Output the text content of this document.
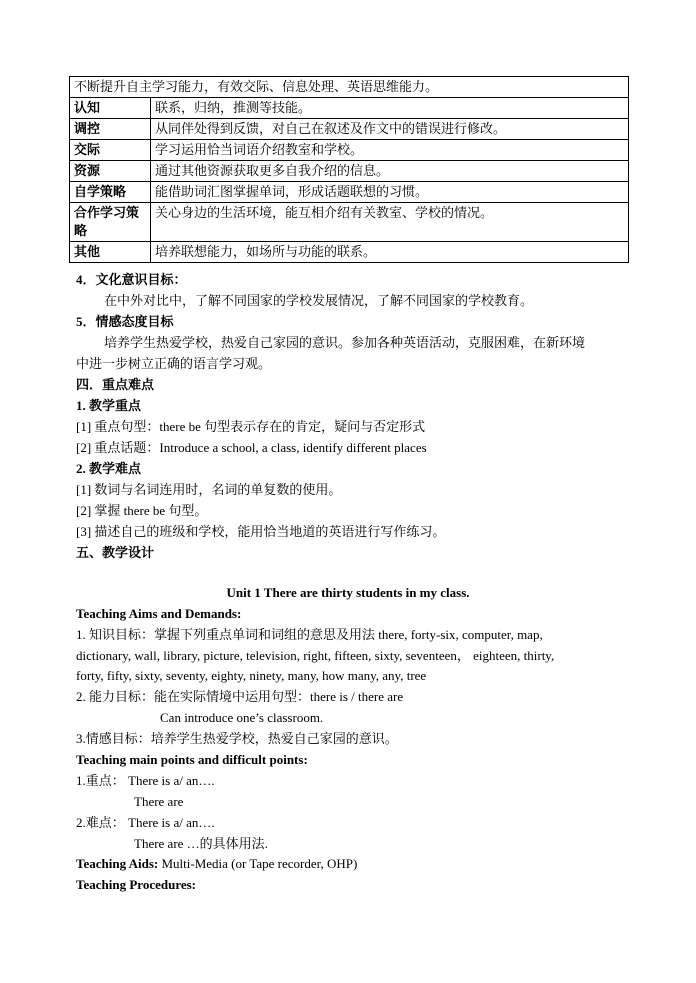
不断提升自主学习能力，有效交际、信息处理、英语思维能力。	
认知	联系，归纳，推测等技能。
调控	从同伴处得到反馈，对自己在叙述及作文中的错误进行修改。
交际	学习运用恰当词语介绍教室和学校。
资源	通过其他资源获取更多自我介绍的信息。
自学策略	能借助词汇图掌握单词，形成话题联想的习惯。
合作学习策略	关心身边的生活环境，能互相介绍有关教室、学校的情况。
其他	培养联想能力，如场所与功能的联系。
4．文化意识目标：
在中外对比中，了解不同国家的学校发展情况，了解不同国家的学校教育。
5．情感态度目标
培养学生热爱学校，热爱自己家园的意识。参加各种英语活动，克服困难，在新环境
中进一步树立正确的语言学习观。
四．重点难点
1. 教学重点
[1] 重点句型：there be 句型表示存在的肯定，疑问与否定形式
[2] 重点话题：Introduce a school, a class, identify different places
2. 教学难点
[1] 数词与名词连用时，名词的单复数的使用。
[2] 掌握 there be 句型。
[3] 描述自己的班级和学校，能用恰当地道的英语进行写作练习。
五、教学设计
Unit 1 There are thirty students in my class.
Teaching Aims and Demands:
1. 知识目标：掌握下列重点单词和词组的意思及用法 there, forty-six, computer, map,
dictionary, wall, library, picture, television, right, fifteen, sixty, seventeen， eighteen, thirty,
forty, fifty, sixty, seventy, eighty, ninety, many, how many, any, tree
2. 能力目标：能在实际情境中运用句型：there is / there are
Can introduce one’s classroom.
3.情感目标：培养学生热爱学校，热爱自己家园的意识。
Teaching main points and difficult points:
1.重点： There is a/ an….
There are
2.难点： There is a/ an….
There are …的具体用法.
Teaching Aids: Multi-Media (or Tape recorder, OHP)
Teaching Procedures:
